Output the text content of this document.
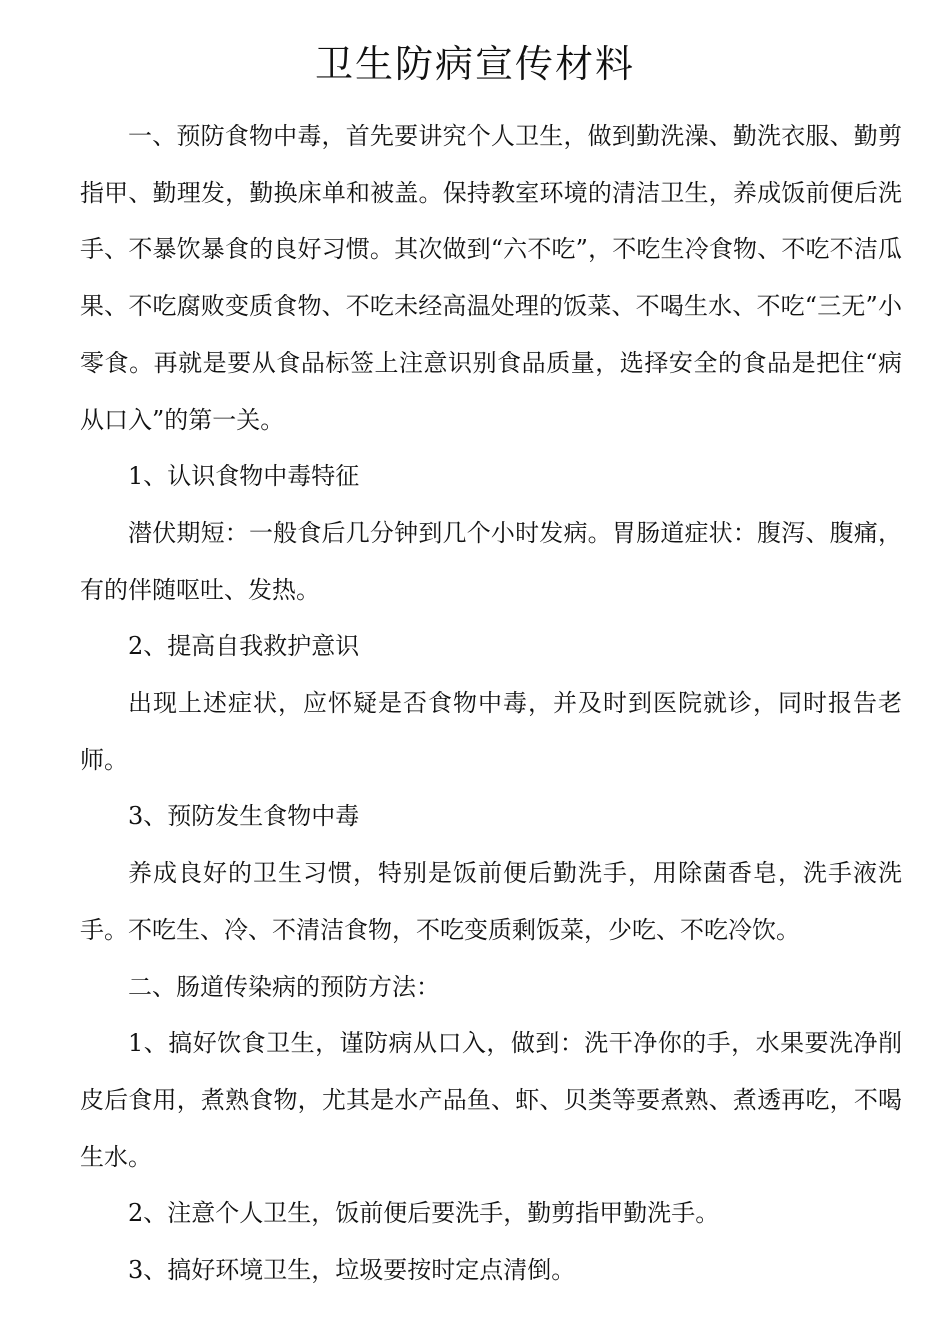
卫生防病宣传材料

一、预防食物中毒，首先要讲究个人卫生，做到勤洗澡、勤洗衣服、勤剪指甲、勤理发，勤换床单和被盖。保持教室环境的清洁卫生，养成饭前便后洗手、不暴饮暴食的良好习惯。其次做到“六不吃”，不吃生冷食物、不吃不洁瓜果、不吃腐败变质食物、不吃未经高温处理的饭菜、不喝生水、不吃“三无”小零食。再就是要从食品标签上注意识别食品质量，选择安全的食品是把住“病从口入”的第一关。

1、认识食物中毒特征

潜伏期短：一般食后几分钟到几个小时发病。胃肠道症状：腹泻、腹痛，有的伴随呕吐、发热。

2、提高自我救护意识

出现上述症状，应怀疑是否食物中毒，并及时到医院就诊，同时报告老师。

3、预防发生食物中毒

养成良好的卫生习惯，特别是饭前便后勤洗手，用除菌香皂，洗手液洗手。不吃生、冷、不清洁食物，不吃变质剩饭菜，少吃、不吃冷饮。

二、肠道传染病的预防方法：

1、搞好饮食卫生，谨防病从口入，做到：洗干净你的手，水果要洗净削皮后食用，煮熟食物，尤其是水产品鱼、虾、贝类等要煮熟、煮透再吃，不喝生水。

2、注意个人卫生，饭前便后要洗手，勤剪指甲勤洗手。

3、搞好环境卫生，垃圾要按时定点清倒。
